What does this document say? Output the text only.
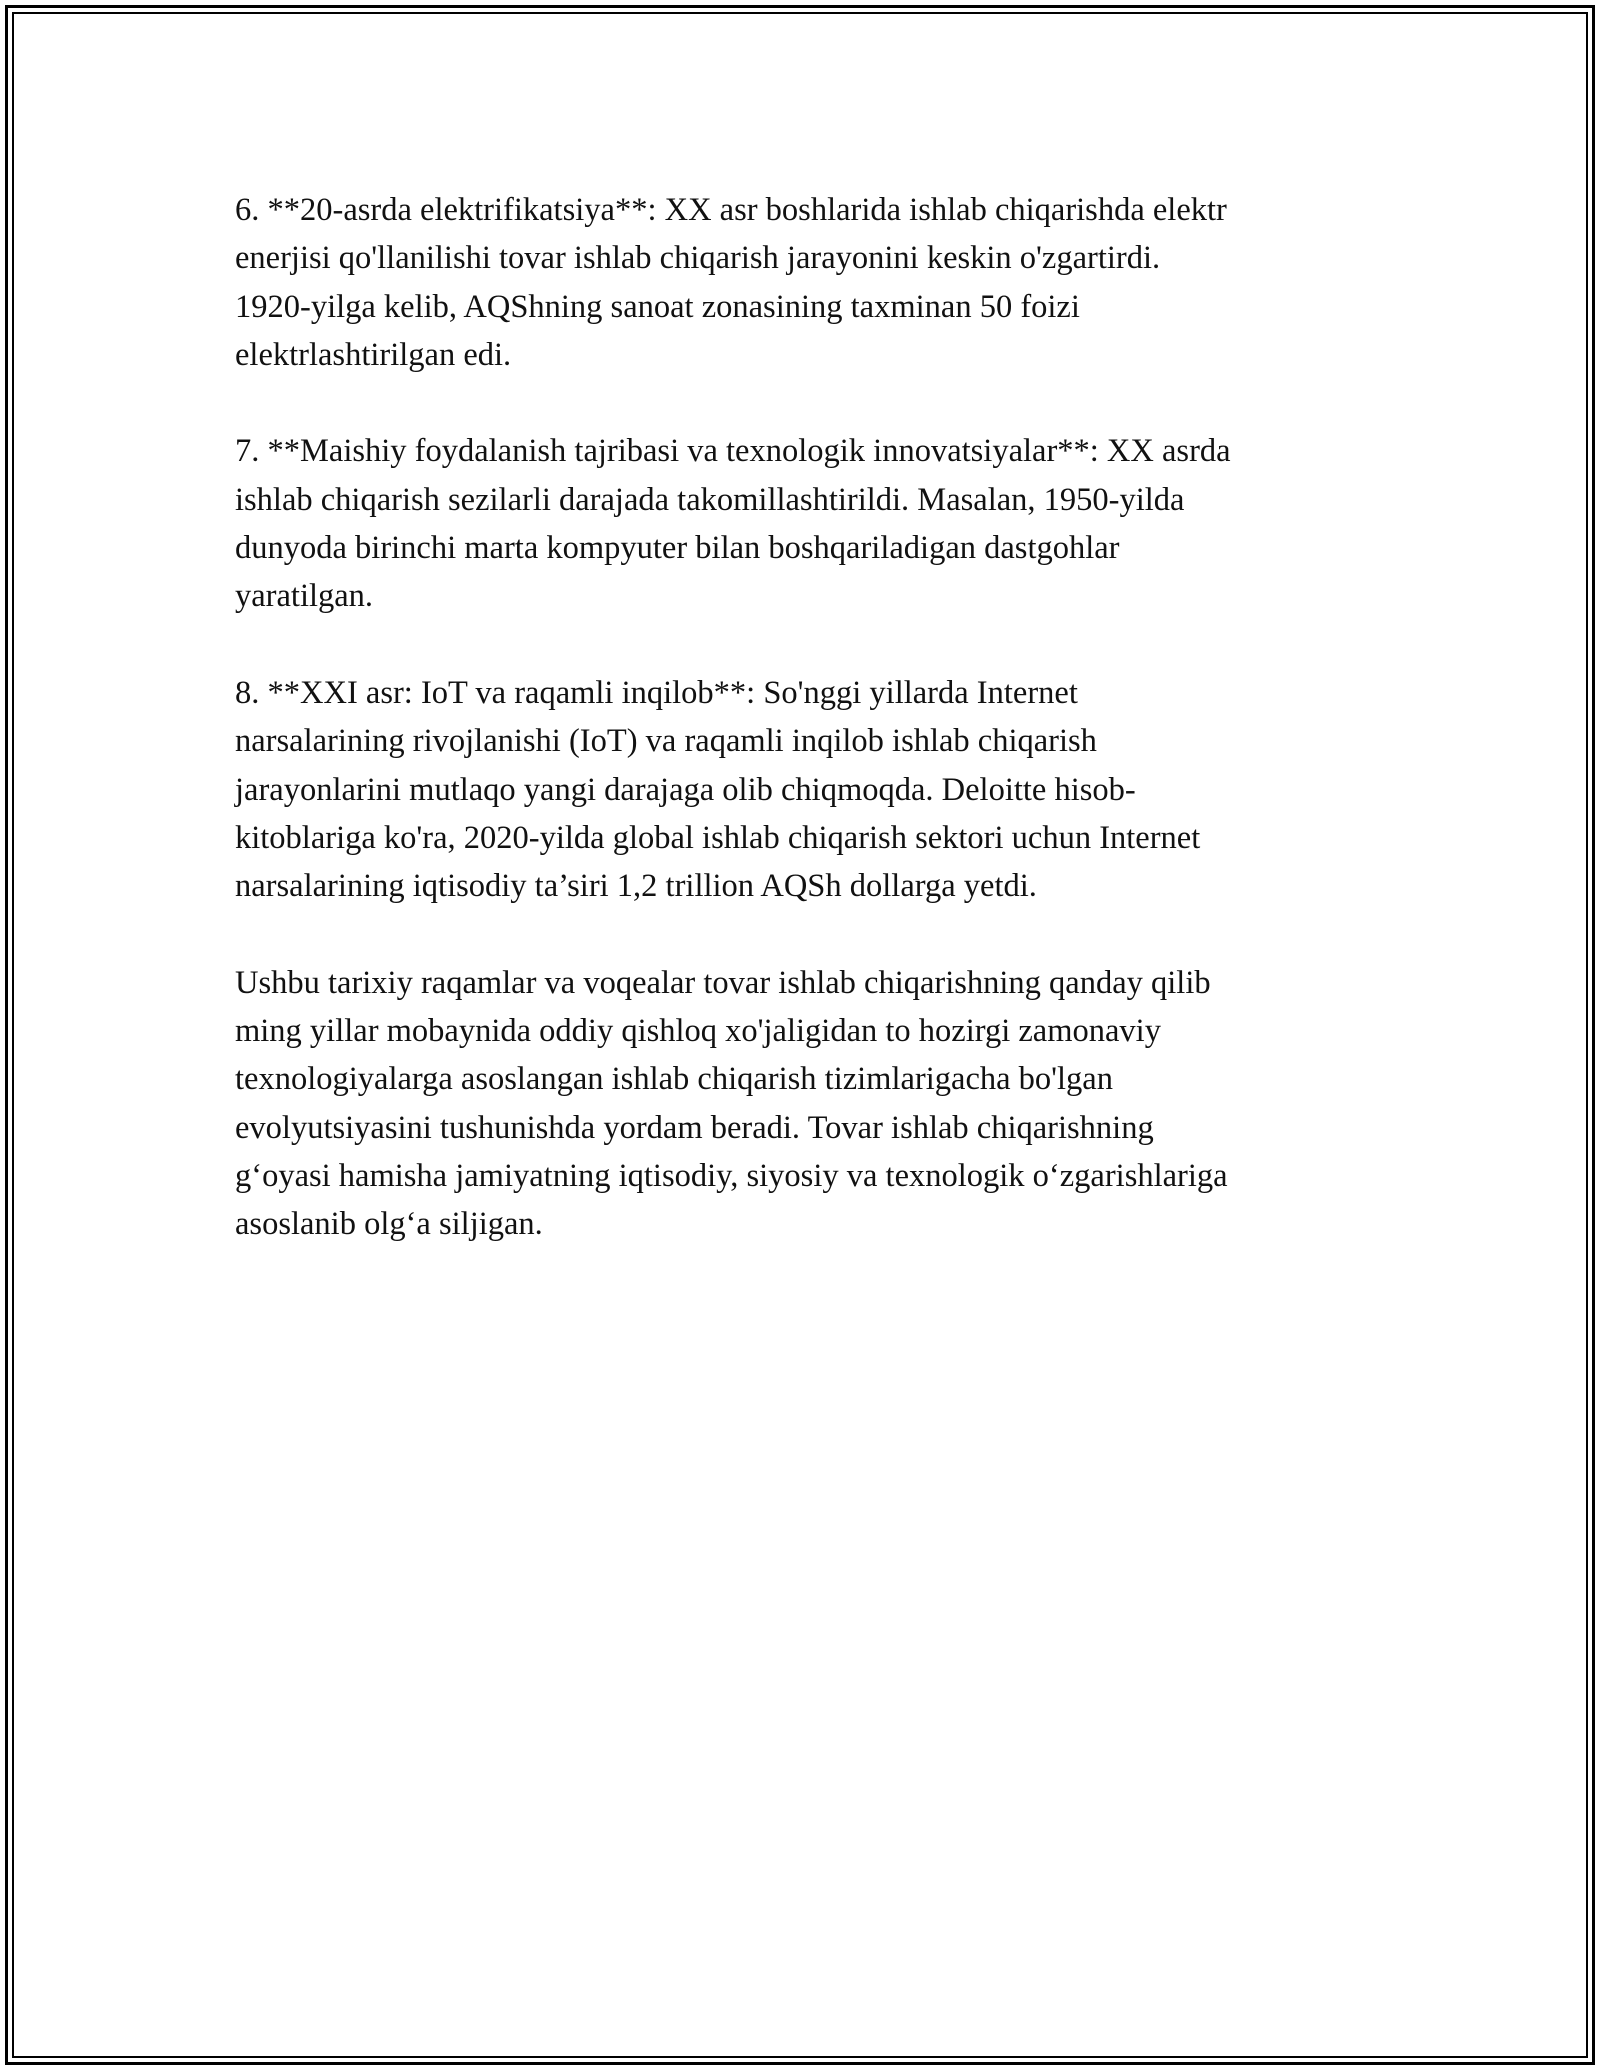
6. **20-asrda elektrifikatsiya**: XX asr boshlarida ishlab chiqarishda elektr
enerjisi qo'llanilishi tovar ishlab chiqarish jarayonini keskin o'zgartirdi.
1920-yilga kelib, AQShning sanoat zonasining taxminan 50 foizi
elektrlashtirilgan edi.

7. **Maishiy foydalanish tajribasi va texnologik innovatsiyalar**: XX asrda
ishlab chiqarish sezilarli darajada takomillashtirildi. Masalan, 1950-yilda
dunyoda birinchi marta kompyuter bilan boshqariladigan dastgohlar
yaratilgan.

8. **XXI asr: IoT va raqamli inqilob**: So'nggi yillarda Internet
narsalarining rivojlanishi (IoT) va raqamli inqilob ishlab chiqarish
jarayonlarini mutlaqo yangi darajaga olib chiqmoqda. Deloitte hisob-
kitoblariga ko'ra, 2020-yilda global ishlab chiqarish sektori uchun Internet
narsalarining iqtisodiy ta’siri 1,2 trillion AQSh dollarga yetdi.

Ushbu tarixiy raqamlar va voqealar tovar ishlab chiqarishning qanday qilib
ming yillar mobaynida oddiy qishloq xo'jaligidan to hozirgi zamonaviy
texnologiyalarga asoslangan ishlab chiqarish tizimlarigacha bo'lgan
evolyutsiyasini tushunishda yordam beradi. Tovar ishlab chiqarishning
g‘oyasi hamisha jamiyatning iqtisodiy, siyosiy va texnologik o‘zgarishlariga
asoslanib olg‘a siljigan.
